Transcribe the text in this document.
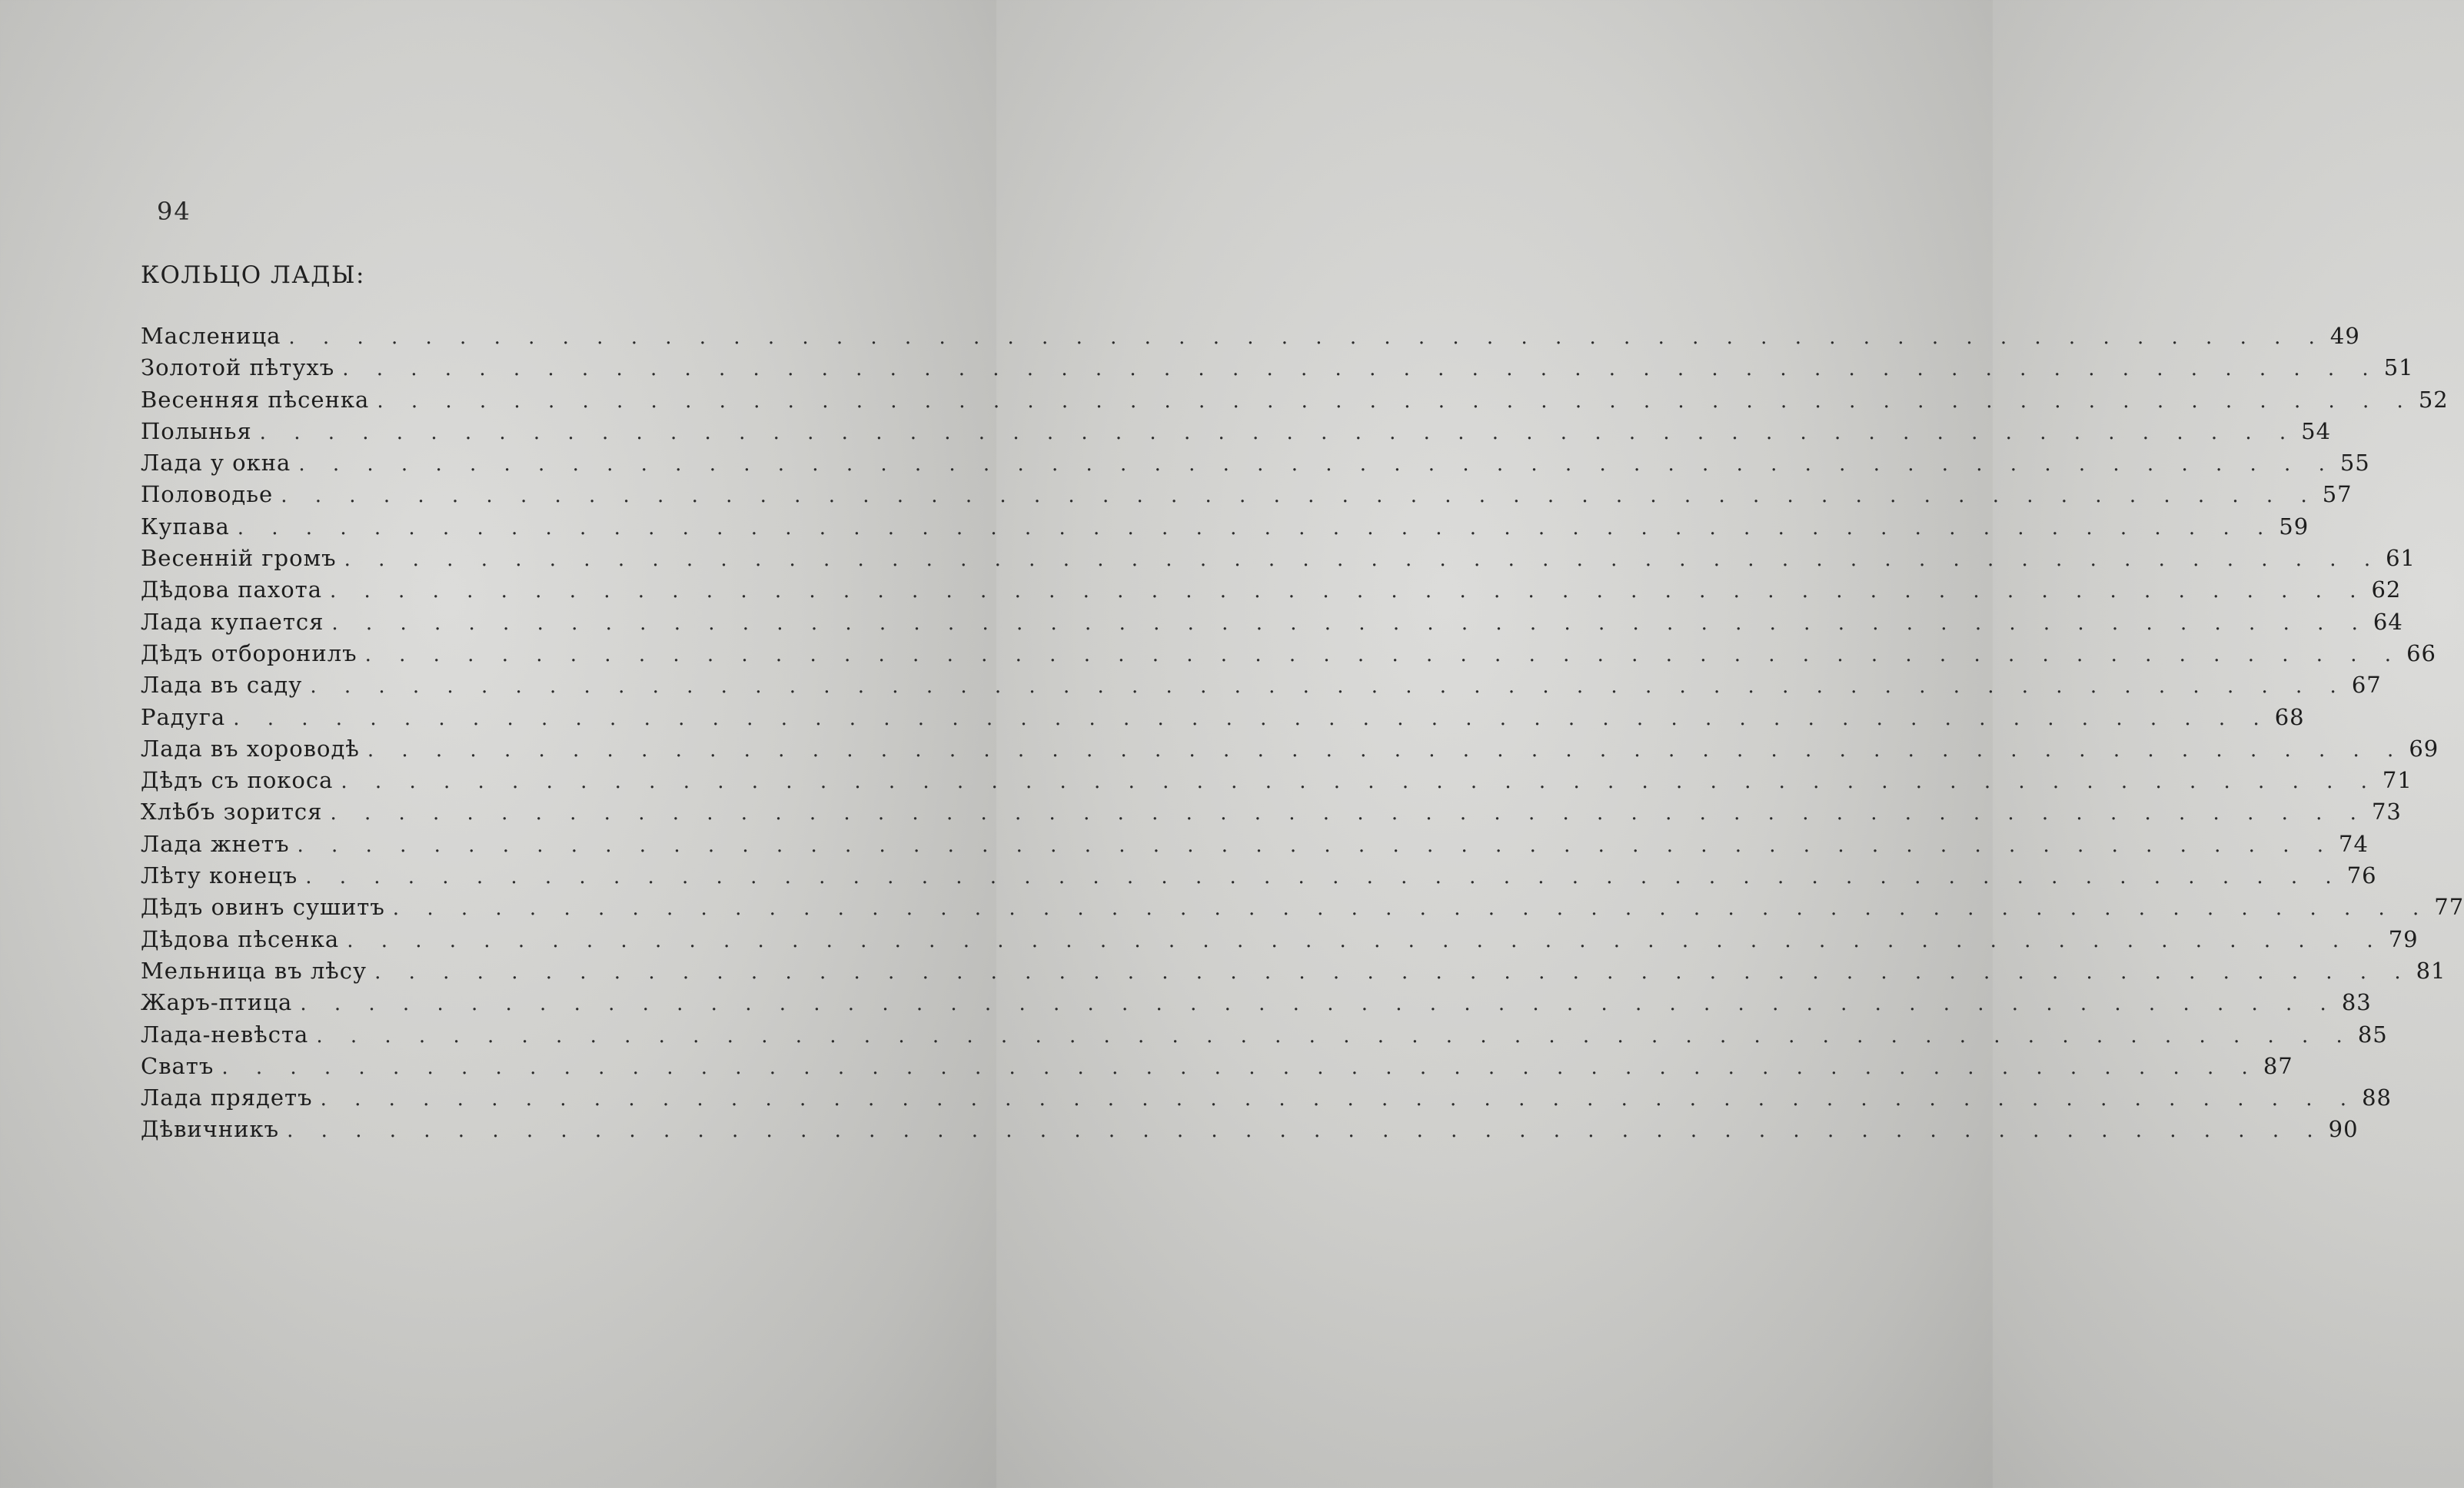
94
КОЛЬЦО ЛАДЫ:
Масленица . . . . . . . . . . . . . . . . . . . . . . . . . . . . . . . . . . . . . . . . . . . . . . . . . . . . . . . . . . . . 49
Золотой пѣтухъ . . . . . . . . . . . . . . . . . . . . . . . . . . . . . . . . . . . . . . . . . . . . . . . . . . . . . . . . . . . . 51
Весенняя пѣсенка . . . . . . . . . . . . . . . . . . . . . . . . . . . . . . . . . . . . . . . . . . . . . . . . . . . . . . . . . . . . 52
Полынья . . . . . . . . . . . . . . . . . . . . . . . . . . . . . . . . . . . . . . . . . . . . . . . . . . . . . . . . . . . . 54
Лада у окна . . . . . . . . . . . . . . . . . . . . . . . . . . . . . . . . . . . . . . . . . . . . . . . . . . . . . . . . . . . . 55
Половодье . . . . . . . . . . . . . . . . . . . . . . . . . . . . . . . . . . . . . . . . . . . . . . . . . . . . . . . . . . . . 57
Купава . . . . . . . . . . . . . . . . . . . . . . . . . . . . . . . . . . . . . . . . . . . . . . . . . . . . . . . . . . . . 59
Весенній громъ . . . . . . . . . . . . . . . . . . . . . . . . . . . . . . . . . . . . . . . . . . . . . . . . . . . . . . . . . . . . 61
Дѣдова пахота . . . . . . . . . . . . . . . . . . . . . . . . . . . . . . . . . . . . . . . . . . . . . . . . . . . . . . . . . . . . 62
Лада купается . . . . . . . . . . . . . . . . . . . . . . . . . . . . . . . . . . . . . . . . . . . . . . . . . . . . . . . . . . . . 64
Дѣдъ отборонилъ . . . . . . . . . . . . . . . . . . . . . . . . . . . . . . . . . . . . . . . . . . . . . . . . . . . . . . . . . . . . 66
Лада въ саду . . . . . . . . . . . . . . . . . . . . . . . . . . . . . . . . . . . . . . . . . . . . . . . . . . . . . . . . . . . . 67
Радуга . . . . . . . . . . . . . . . . . . . . . . . . . . . . . . . . . . . . . . . . . . . . . . . . . . . . . . . . . . . . 68
Лада въ хороводѣ . . . . . . . . . . . . . . . . . . . . . . . . . . . . . . . . . . . . . . . . . . . . . . . . . . . . . . . . . . . . 69
Дѣдъ съ покоса . . . . . . . . . . . . . . . . . . . . . . . . . . . . . . . . . . . . . . . . . . . . . . . . . . . . . . . . . . . . 71
Хлѣбъ зорится . . . . . . . . . . . . . . . . . . . . . . . . . . . . . . . . . . . . . . . . . . . . . . . . . . . . . . . . . . . . 73
Лада жнетъ . . . . . . . . . . . . . . . . . . . . . . . . . . . . . . . . . . . . . . . . . . . . . . . . . . . . . . . . . . . . 74
Лѣту конецъ . . . . . . . . . . . . . . . . . . . . . . . . . . . . . . . . . . . . . . . . . . . . . . . . . . . . . . . . . . . . 76
Дѣдъ овинъ сушитъ . . . . . . . . . . . . . . . . . . . . . . . . . . . . . . . . . . . . . . . . . . . . . . . . . . . . . . . . . . . . 77
Дѣдова пѣсенка . . . . . . . . . . . . . . . . . . . . . . . . . . . . . . . . . . . . . . . . . . . . . . . . . . . . . . . . . . . . 79
Мельница въ лѣсу . . . . . . . . . . . . . . . . . . . . . . . . . . . . . . . . . . . . . . . . . . . . . . . . . . . . . . . . . . . . 81
Жаръ-птица . . . . . . . . . . . . . . . . . . . . . . . . . . . . . . . . . . . . . . . . . . . . . . . . . . . . . . . . . . . . 83
Лада-невѣста . . . . . . . . . . . . . . . . . . . . . . . . . . . . . . . . . . . . . . . . . . . . . . . . . . . . . . . . . . . . 85
Сватъ . . . . . . . . . . . . . . . . . . . . . . . . . . . . . . . . . . . . . . . . . . . . . . . . . . . . . . . . . . . . 87
Лада прядетъ . . . . . . . . . . . . . . . . . . . . . . . . . . . . . . . . . . . . . . . . . . . . . . . . . . . . . . . . . . . . 88
Дѣвичникъ . . . . . . . . . . . . . . . . . . . . . . . . . . . . . . . . . . . . . . . . . . . . . . . . . . . . . . . . . . . . 90
